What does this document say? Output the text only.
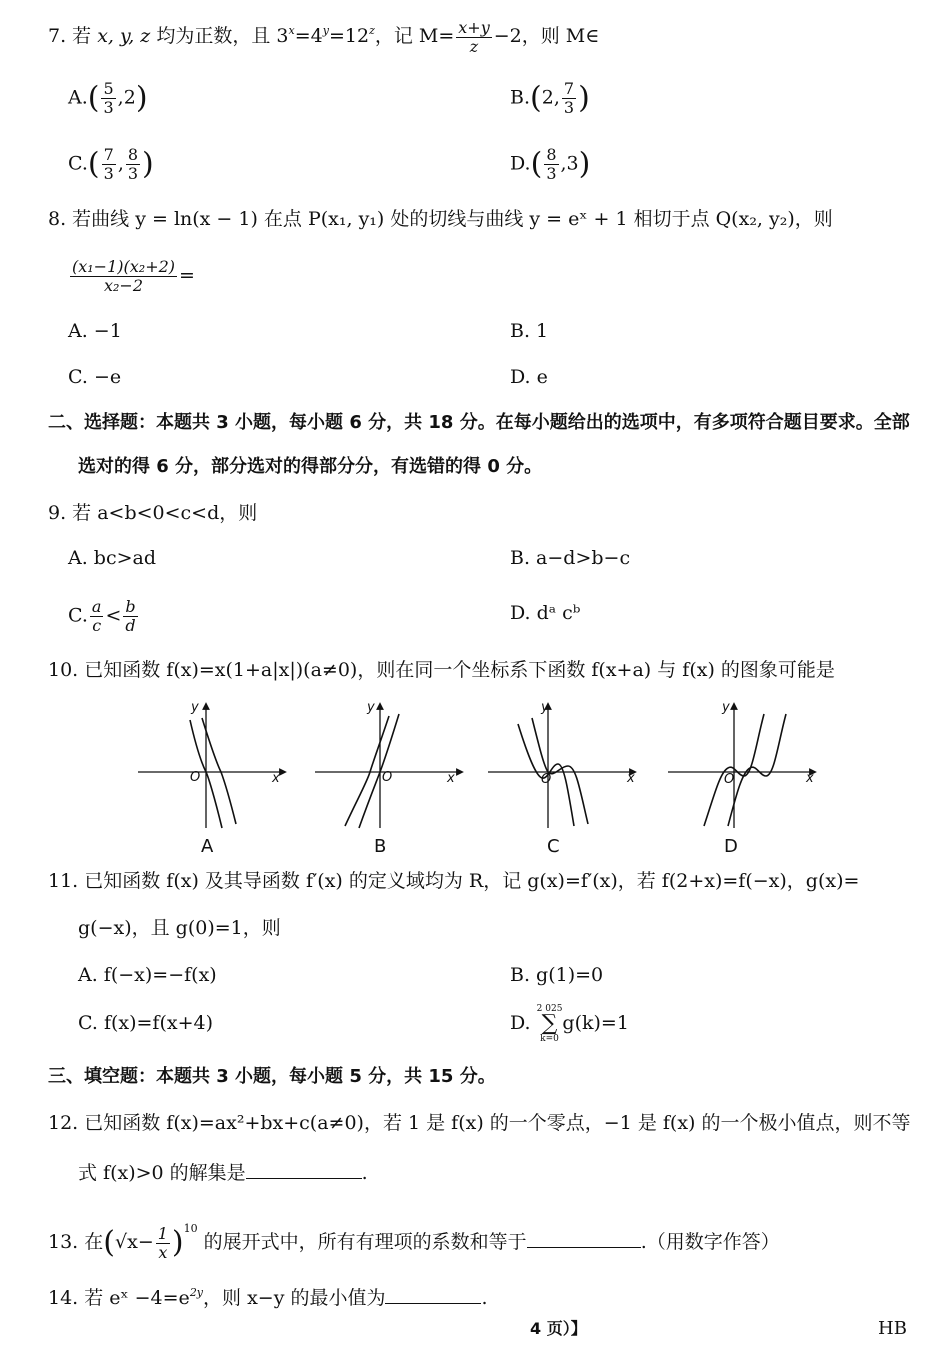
7. 若 x, y, z 均为正数，且 $3^x=4^y=12^z$，记 $M= \frac{x+y}{z} -2$，则 M∈
$A.( \frac{5}{3} ,2)$	B.(2, $\frac{7}{3}$ )
$C.( \frac{7}{3}$ , $\frac{8}{3}$ )	$D.( \frac{8}{3} ,3)$
8. 若曲线 y = ln(x − 1) 在点 P(x₁, y₁) 处的切线与曲线 y = eˣ + 1 相切于点 Q(x₂, y₂)，则
$\frac{\text{(x₁−1)(x₂+2)}}{\text{x₂−2}}$ =
A. −1	B. 1
C. −e	D. e
二、选择题：本题共 3 小题，每小题 6 分，共 18 分。在每小题给出的选项中，有多项符合题目要求。全部
选对的得 6 分，部分选对的得部分分，有选错的得 0 分。
9. 若 a<b<0<c<d，则
A. bc>ad	B. a−d>b−c
C. $\frac{a}{c} < \frac{b}{d}$	D. dᵃ cᵇ
10. 已知函数 f(x)=x(1+a|x|)(a≠0)，则在同一个坐标系下函数 f(x+a) 与 f(x) 的图象可能是
y
O	x
A
y
O	x
B
y
O	x
C
y
O	x
D
11. 已知函数 f(x) 及其导函数 f′(x) 的定义域均为 R，记 g(x)=f′(x)，若 f(2+x)=f(−x)，g(x)=
g(−x)，且 g(0)=1，则
A. f(−x)=−f(x)	B. g(1)=0
C. f(x)=f(x+4)	D.
2 025
∑
k=0
g(k)=1
三、填空题：本题共 3 小题，每小题 5 分，共 15 分。
12. 已知函数 f(x)=ax²+bx+c(a≠0)，若 1 是 f(x) 的一个零点，−1 是 f(x) 的一个极小值点，则不等
式 f(x)>0 的解集是	.
13. 在$(√x- \frac{1}{x} )^{10}$ 的展开式中，所有有理项的系数和等于	.（用数字作答）
14. 若 eˣ $-4=e^{2y}$，则 x−y 的最小值为	.
4 页）】	HB
